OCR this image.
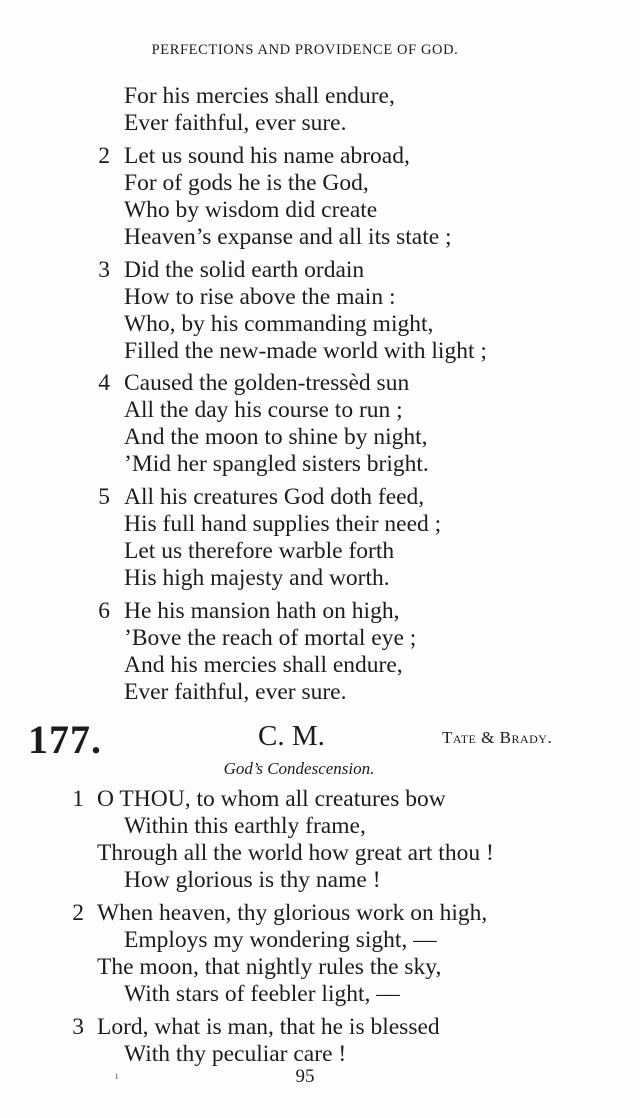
PERFECTIONS AND PROVIDENCE OF GOD.
For his mercies shall endure,
Ever faithful, ever sure.
2 Let us sound his name abroad,
For of gods he is the God,
Who by wisdom did create
Heaven’s expanse and all its state ;
3 Did the solid earth ordain
How to rise above the main :
Who, by his commanding might,
Filled the new-made world with light ;
4 Caused the golden-tressèd sun
All the day his course to run ;
And the moon to shine by night,
’Mid her spangled sisters bright.
5 All his creatures God doth feed,
His full hand supplies their need ;
Let us therefore warble forth
His high majesty and worth.
6 He his mansion hath on high,
’Bove the reach of mortal eye ;
And his mercies shall endure,
Ever faithful, ever sure.
177.	C. M.	Tate & Brady.
God’s Condescension.
1 O THOU, to whom all creatures bow
Within this earthly frame,
Through all the world how great art thou !
How glorious is thy name !
2 When heaven, thy glorious work on high,
Employs my wondering sight, —
The moon, that nightly rules the sky,
With stars of feebler light, —
3 Lord, what is man, that he is blessed
With thy peculiar care !
ı	95
